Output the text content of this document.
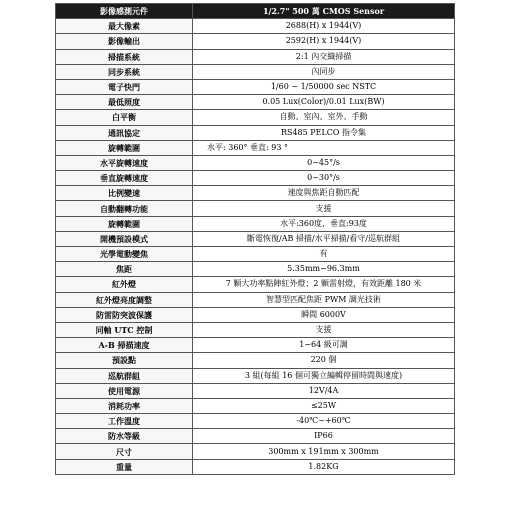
影像感測元件	1/2.7" 500 萬 CMOS Sensor
最大像素	2688(H) x 1944(V)
影像輸出	2592(H) x 1944(V)
掃描系統	2:1 內交織掃描
同步系統	內同步
電子快門	1/60 ~ 1/50000 sec NSTC
最低照度	0.05 Lux(Color)/0.01 Lux(BW)
白平衡	自動、室內、室外、手動
通訊協定	RS485 PELCO 指令集
旋轉範圍	水平: 360° 垂直: 93 °
水平旋轉速度	0~45°/s
垂直旋轉速度	0~30°/s
比例變速	速度與焦距自動匹配
自動翻轉功能	支援
旋轉範圍	水平:360度，垂直:93度
開機預設模式	斷電恢復/AB 掃描/水平掃描/看守/巡航群組
光學電動變焦	有
焦距	5.35mm~96.3mm
紅外燈	7 顆大功率點陣紅外燈；2 顆雷射燈，有效距離 180 米
紅外燈亮度調整	智慧型匹配焦距 PWM 調光技術
防雷防突波保護	瞬間 6000V
同軸 UTC 控制	支援
A-B 掃描速度	1~64 級可調
預設點	220 個
巡航群組	3 組(每組 16 個可獨立編輯停留時間與速度)
使用電源	12V/4A
消耗功率	≤25W
工作溫度	-40℃~+60℃
防水等級	IP66
尺寸	300mm x 191mm x 300mm
重量	1.82KG
